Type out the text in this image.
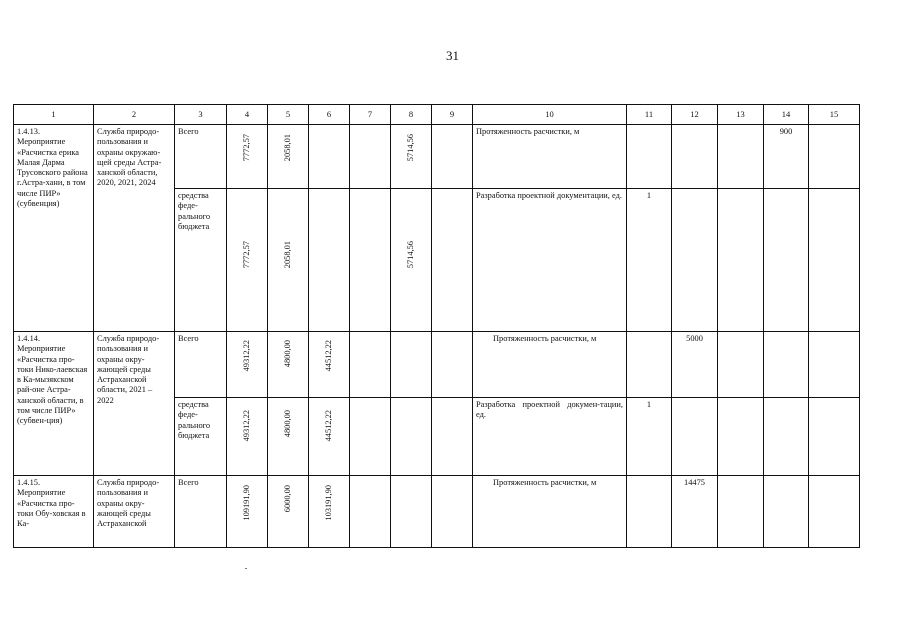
31
1	2	3	4	5	6	7	8	9	10	11	12	13	14	15
1.4.13. Мероприятие «Расчистка ерика Малая Дарма Трусовского района г.Астра-хани, в том числе ПИР» (субвенция)	Служба природо-пользования и охраны окружаю-щей среды Астра-ханской области, 2020, 2021, 2024	Всего	7772,57	2058,01			5714,56		Протяженность расчистки, м				900	
		средства феде-рального бюджета	7772,57	2058,01			5714,56		Разработка проектной документации, ед.	1				
1.4.14. Мероприятие «Расчистка про-токи Нико-лаевская в Ка-мызякском рай-оне Астра-ханской области, в том числе ПИР» (субвен-ция)	Служба природо-пользования и охраны окру-жающей среды Астраханской области, 2021 – 2022	Всего	49312,22	4800,00	44512,22				Протяженность расчистки, м		5000			
		средства феде-рального бюджета	49312,22	4800,00	44512,22				Разработка проектной докумен-тации, ед.	1				
1.4.15. Мероприятие «Расчистка про-токи Обу-ховская в Ка-	Служба природо-пользования и охраны окру-жающей среды Астраханской	Всего	109191,90	6000,00	103191,90				Протяженность расчистки, м		14475			
